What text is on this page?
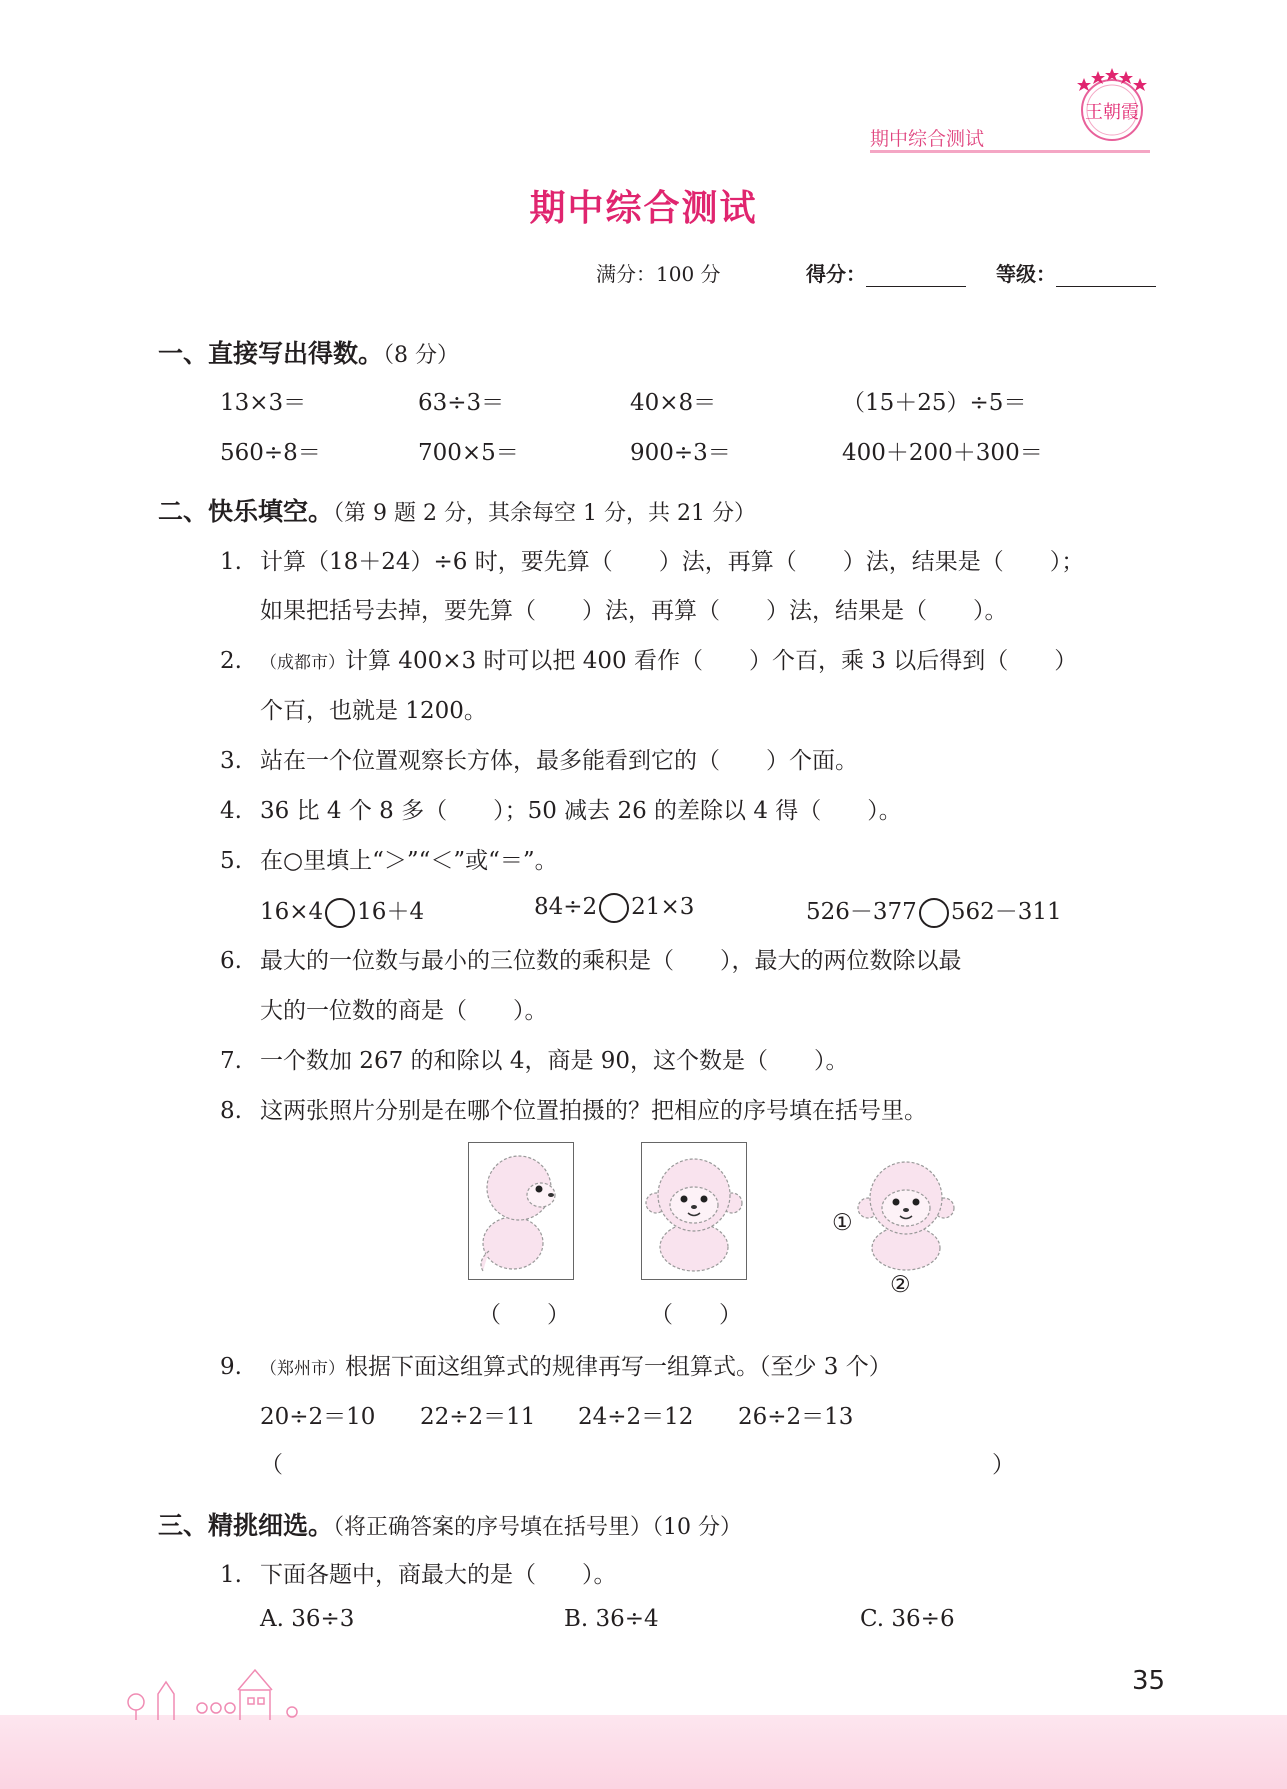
王朝霞
期中综合测试
期中综合测试
满分：100 分	得分：	等级：
一、直接写出得数。（8 分）
13×3＝	63÷3＝	40×8＝	（15＋25）÷5＝
560÷8＝	700×5＝	900÷3＝	400＋200＋300＝
二、快乐填空。（第 9 题 2 分，其余每空 1 分，共 21 分）
1. 计算（18＋24）÷6 时，要先算（　　）法，再算（　　）法，结果是（　　）；
如果把括号去掉，要先算（　　）法，再算（　　）法，结果是（　　）。
2. （成都市）计算 400×3 时可以把 400 看作（　　）个百，乘 3 以后得到（　　）
个百，也就是 1200。
3. 站在一个位置观察长方体，最多能看到它的（　　）个面。
4. 36 比 4 个 8 多（　　）；50 减去 26 的差除以 4 得（　　）。
5. 在○里填上“＞”“＜”或“＝”。
16×4 16＋4	84÷2 21×3	526－377 562－311
6. 最大的一位数与最小的三位数的乘积是（　　），最大的两位数除以最
大的一位数的商是（　　）。
7. 一个数加 267 的和除以 4，商是 90，这个数是（　　）。
8. 这两张照片分别是在哪个位置拍摄的？把相应的序号填在括号里。
①
②
（　　）	（　　）
9. （郑州市）根据下面这组算式的规律再写一组算式。（至少 3 个）
20÷2＝10 22÷2＝11 24÷2＝12 26÷2＝13
（	）
三、精挑细选。（将正确答案的序号填在括号里）（10 分）
1. 下面各题中，商最大的是（　　）。
A. 36÷3	B. 36÷4	C. 36÷6
35
